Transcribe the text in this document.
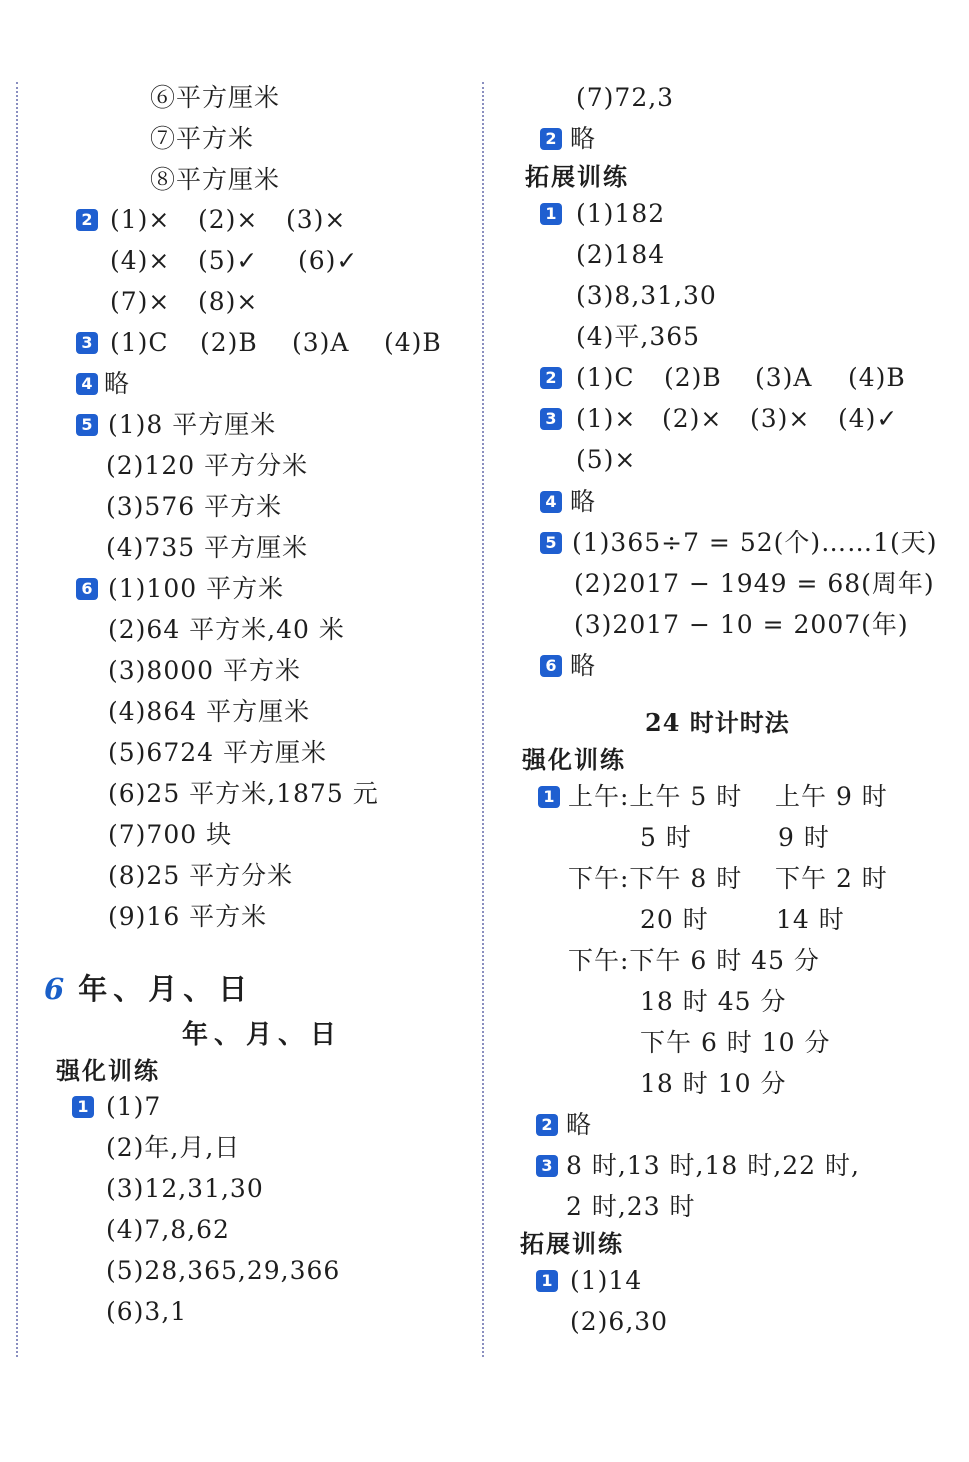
⑥平方厘米
⑦平方米
⑧平方厘米
2 (1)× (2)× (3)×
(4)× (5)✓ (6)✓
(7)× (8)×
3 (1)C (2)B (3)A (4)B
4 略
5 (1)8 平方厘米
(2)120 平方分米
(3)576 平方米
(4)735 平方厘米
6 (1)100 平方米
(2)64 平方米,40 米
(3)8000 平方米
(4)864 平方厘米
(5)6724 平方厘米
(6)25 平方米,1875 元
(7)700 块
(8)25 平方分米
(9)16 平方米
6 年、月、日
年、月、日
强化训练
1 (1)7
(2)年,月,日
(3)12,31,30
(4)7,8,62
(5)28,365,29,366
(6)3,1
(7)72,3
2 略
拓展训练
1 (1)182
(2)184
(3)8,31,30
(4)平,365
2 (1)C (2)B (3)A (4)B
3 (1)× (2)× (3)× (4)✓
(5)×
4 略
5 (1)365÷7 = 52(个)……1(天)
(2)2017 − 1949 = 68(周年)
(3)2017 − 10 = 2007(年)
6 略
24 时计时法
强化训练
1 上午:上午 5 时 上午 9 时
5 时	9 时
下午:下午 8 时 下午 2 时
20 时	14 时
下午:下午 6 时 45 分
18 时 45 分
下午 6 时 10 分
18 时 10 分
2 略
3 8 时,13 时,18 时,22 时,
2 时,23 时
拓展训练
1 (1)14
(2)6,30
